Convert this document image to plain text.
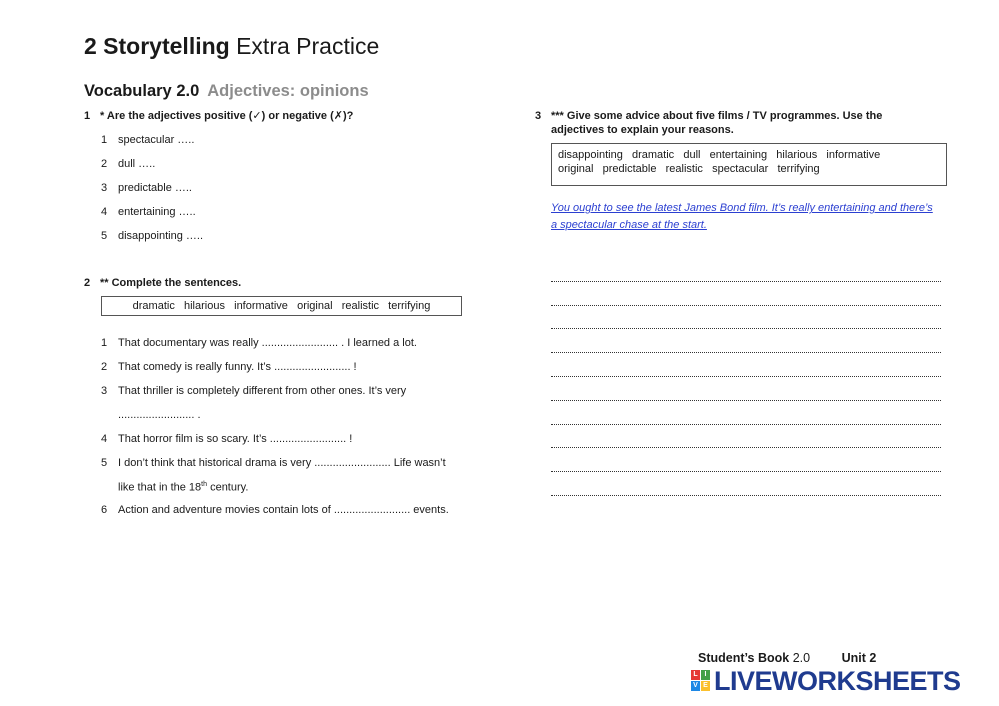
2 Storytelling Extra Practice
Vocabulary 2.0 Adjectives: opinions
1 * Are the adjectives positive (✓) or negative (✗)?
1 spectacular …..
2 dull …..
3 predictable …..
4 entertaining …..
5 disappointing …..
2 ** Complete the sentences.
dramatic   hilarious   informative   original   realistic   terrifying
1 That documentary was really ......................... . I learned a lot.
2 That comedy is really funny. It’s ......................... !
3 That thriller is completely different from other ones. It’s very
......................... .
4 That horror film is so scary. It’s ......................... !
5 I don’t think that historical drama is very ......................... Life wasn’t
like that in the 18th century.
6 Action and adventure movies contain lots of ......................... events.
3 *** Give some advice about five films / TV programmes. Use the
adjectives to explain your reasons.
disappointing   dramatic   dull   entertaining   hilarious   informative
original   predictable   realistic   spectacular   terrifying
You ought to see the latest James Bond film. It’s really entertaining and there’s a spectacular chase at the start.
Student’s Book 2.0	Unit 2
L I
V E LIVEWORKSHEETS
